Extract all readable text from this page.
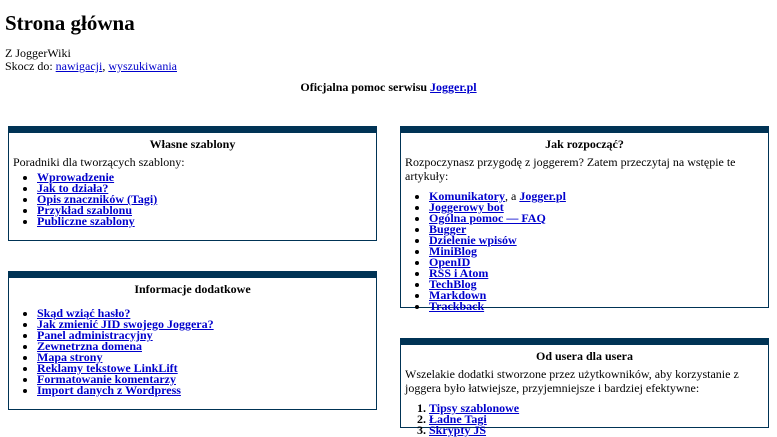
Strona główna
Z JoggerWiki
Skocz do: nawigacji, wyszukiwania
Oficjalna pomoc serwisu Jogger.pl
Własne szablony
Poradniki dla tworzących szablony:
• Wprowadzenie
• Jak to działa?
• Opis znaczników (Tagi)
• Przykład szablonu
• Publiczne szablony
Informacje dodatkowe
• Skąd wziąć hasło?
• Jak zmienić JID swojego Joggera?
• Panel administracyjny
• Zewnetrzna domena
• Mapa strony
• Reklamy tekstowe LinkLift
• Formatowanie komentarzy
• Import danych z Wordpress
Jak rozpocząć?
Rozpoczynasz przygodę z joggerem? Zatem przeczytaj na wstępie te artykuły:
• Komunikatory, a Jogger.pl
• Joggerowy bot
• Ogólna pomoc — FAQ
• Bugger
• Dzielenie wpisów
• MiniBlog
• OpenID
• RSS i Atom
• TechBlog
• Markdown
• Trackback
Od usera dla usera
Wszelakie dodatki stworzone przez użytkowników, aby korzystanie z joggera było łatwiejsze, przyjemniejsze i bardziej efektywne:
1. Tipsy szablonowe
2. Ładne Tagi
3. Skrypty JS
